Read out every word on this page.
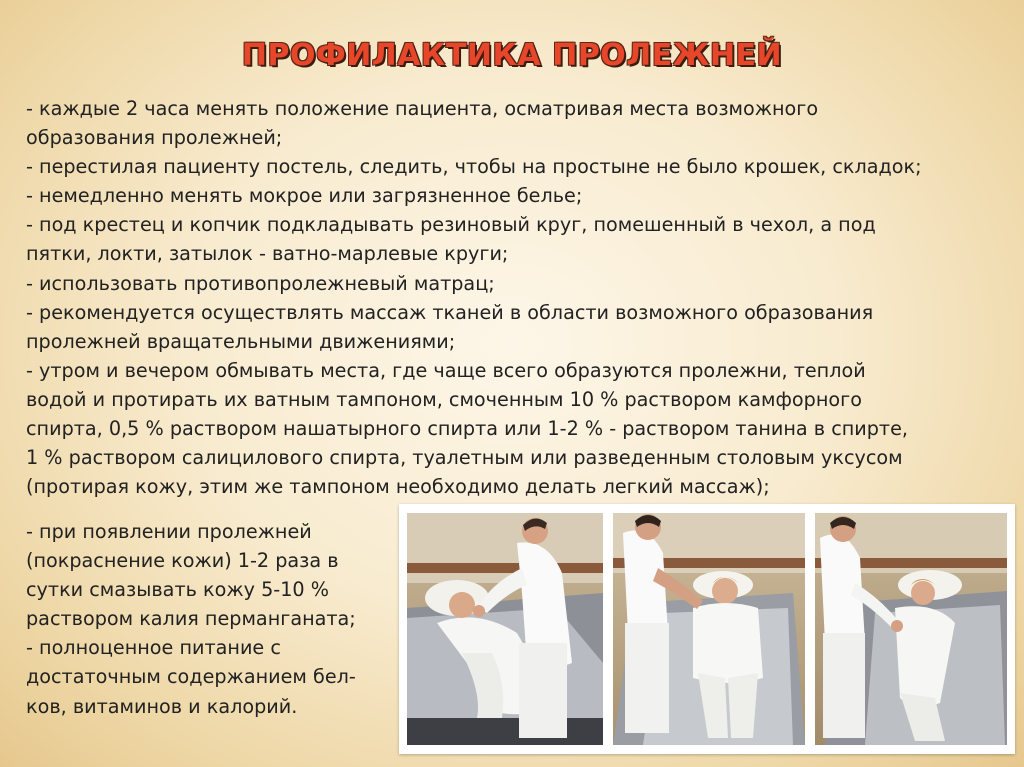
ПРОФИЛАКТИКА ПРОЛЕЖНЕЙ

- каждые 2 часа менять положение пациента, осматривая места возможного

образования пролежней;

- перестилая пациенту постель, следить, чтобы на простыне не было крошек, складок;

- немедленно менять мокрое или загрязненное белье;

- под крестец и копчик подкладывать резиновый круг, помешенный в чехол, а под

пятки, локти, затылок - ватно-марлевые круги;

- использовать противопролежневый матрац;

- рекомендуется осуществлять массаж тканей в области возможного образования

пролежней вращательными движениями;

- утром и вечером обмывать места, где чаще всего образуются пролежни, теплой

водой и протирать их ватным тампоном, смоченным 10 % раствором камфорного

спирта, 0,5 % раствором нашатырного спирта или 1-2 % - раствором танина в спирте,

1 % раствором салицилового спирта, туалетным или разведенным столовым уксусом

(протирая кожу, этим же тампоном необходимо делать легкий массаж);

- при появлении пролежней

(покраснение кожи) 1-2 раза в

сутки смазывать кожу 5-10 %

раствором калия перманганата;

- полноценное питание с

достаточным содержанием бел-

ков, витаминов и калорий.
